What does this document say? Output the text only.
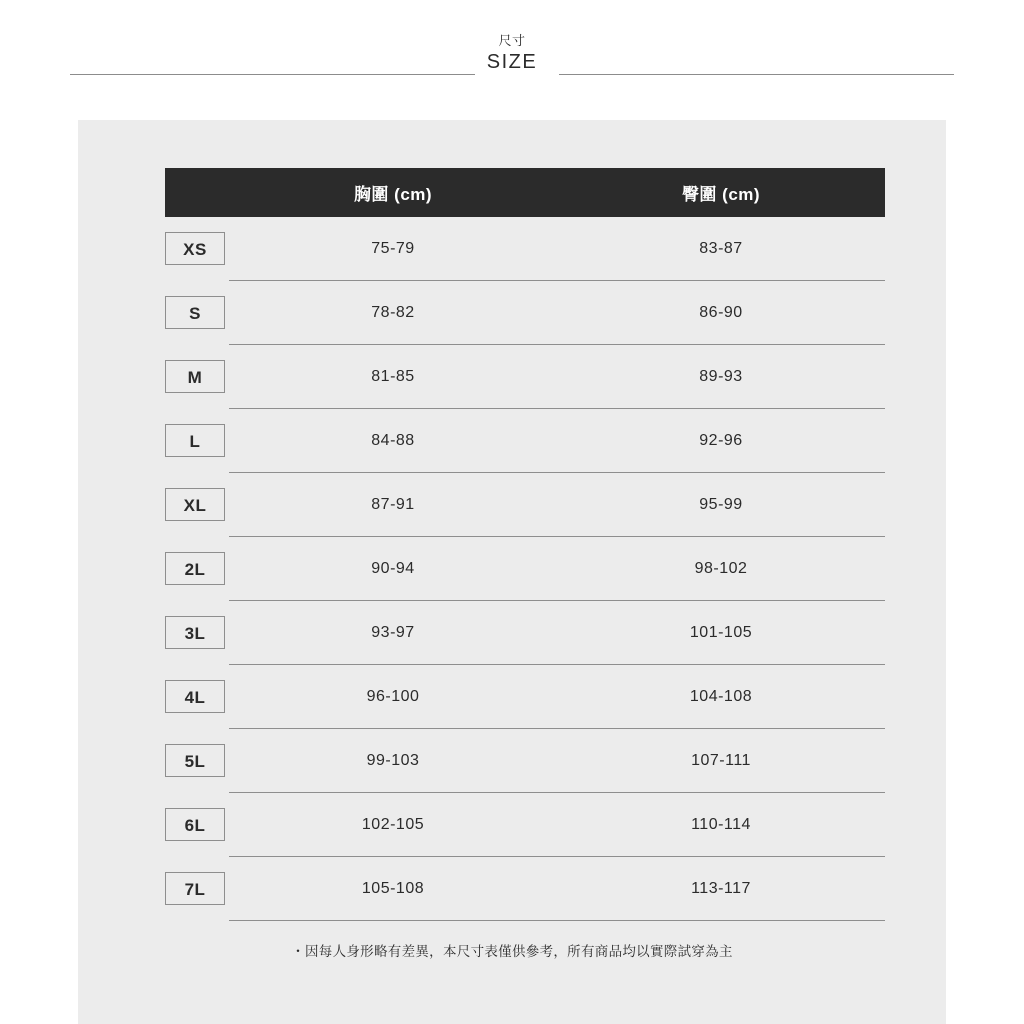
尺寸
SIZE
	胸圍 (cm)	臀圍 (cm)

XS	75-79	83-87

S	78-82	86-90

M	81-85	89-93

L	84-88	92-96

XL	87-91	95-99

2L	90-94	98-102

3L	93-97	101-105

4L	96-100	104-108

5L	99-103	107-111

6L	102-105	110-114

7L	105-108	113-117
・因每人身形略有差異，本尺寸表僅供參考，所有商品均以實際試穿為主
